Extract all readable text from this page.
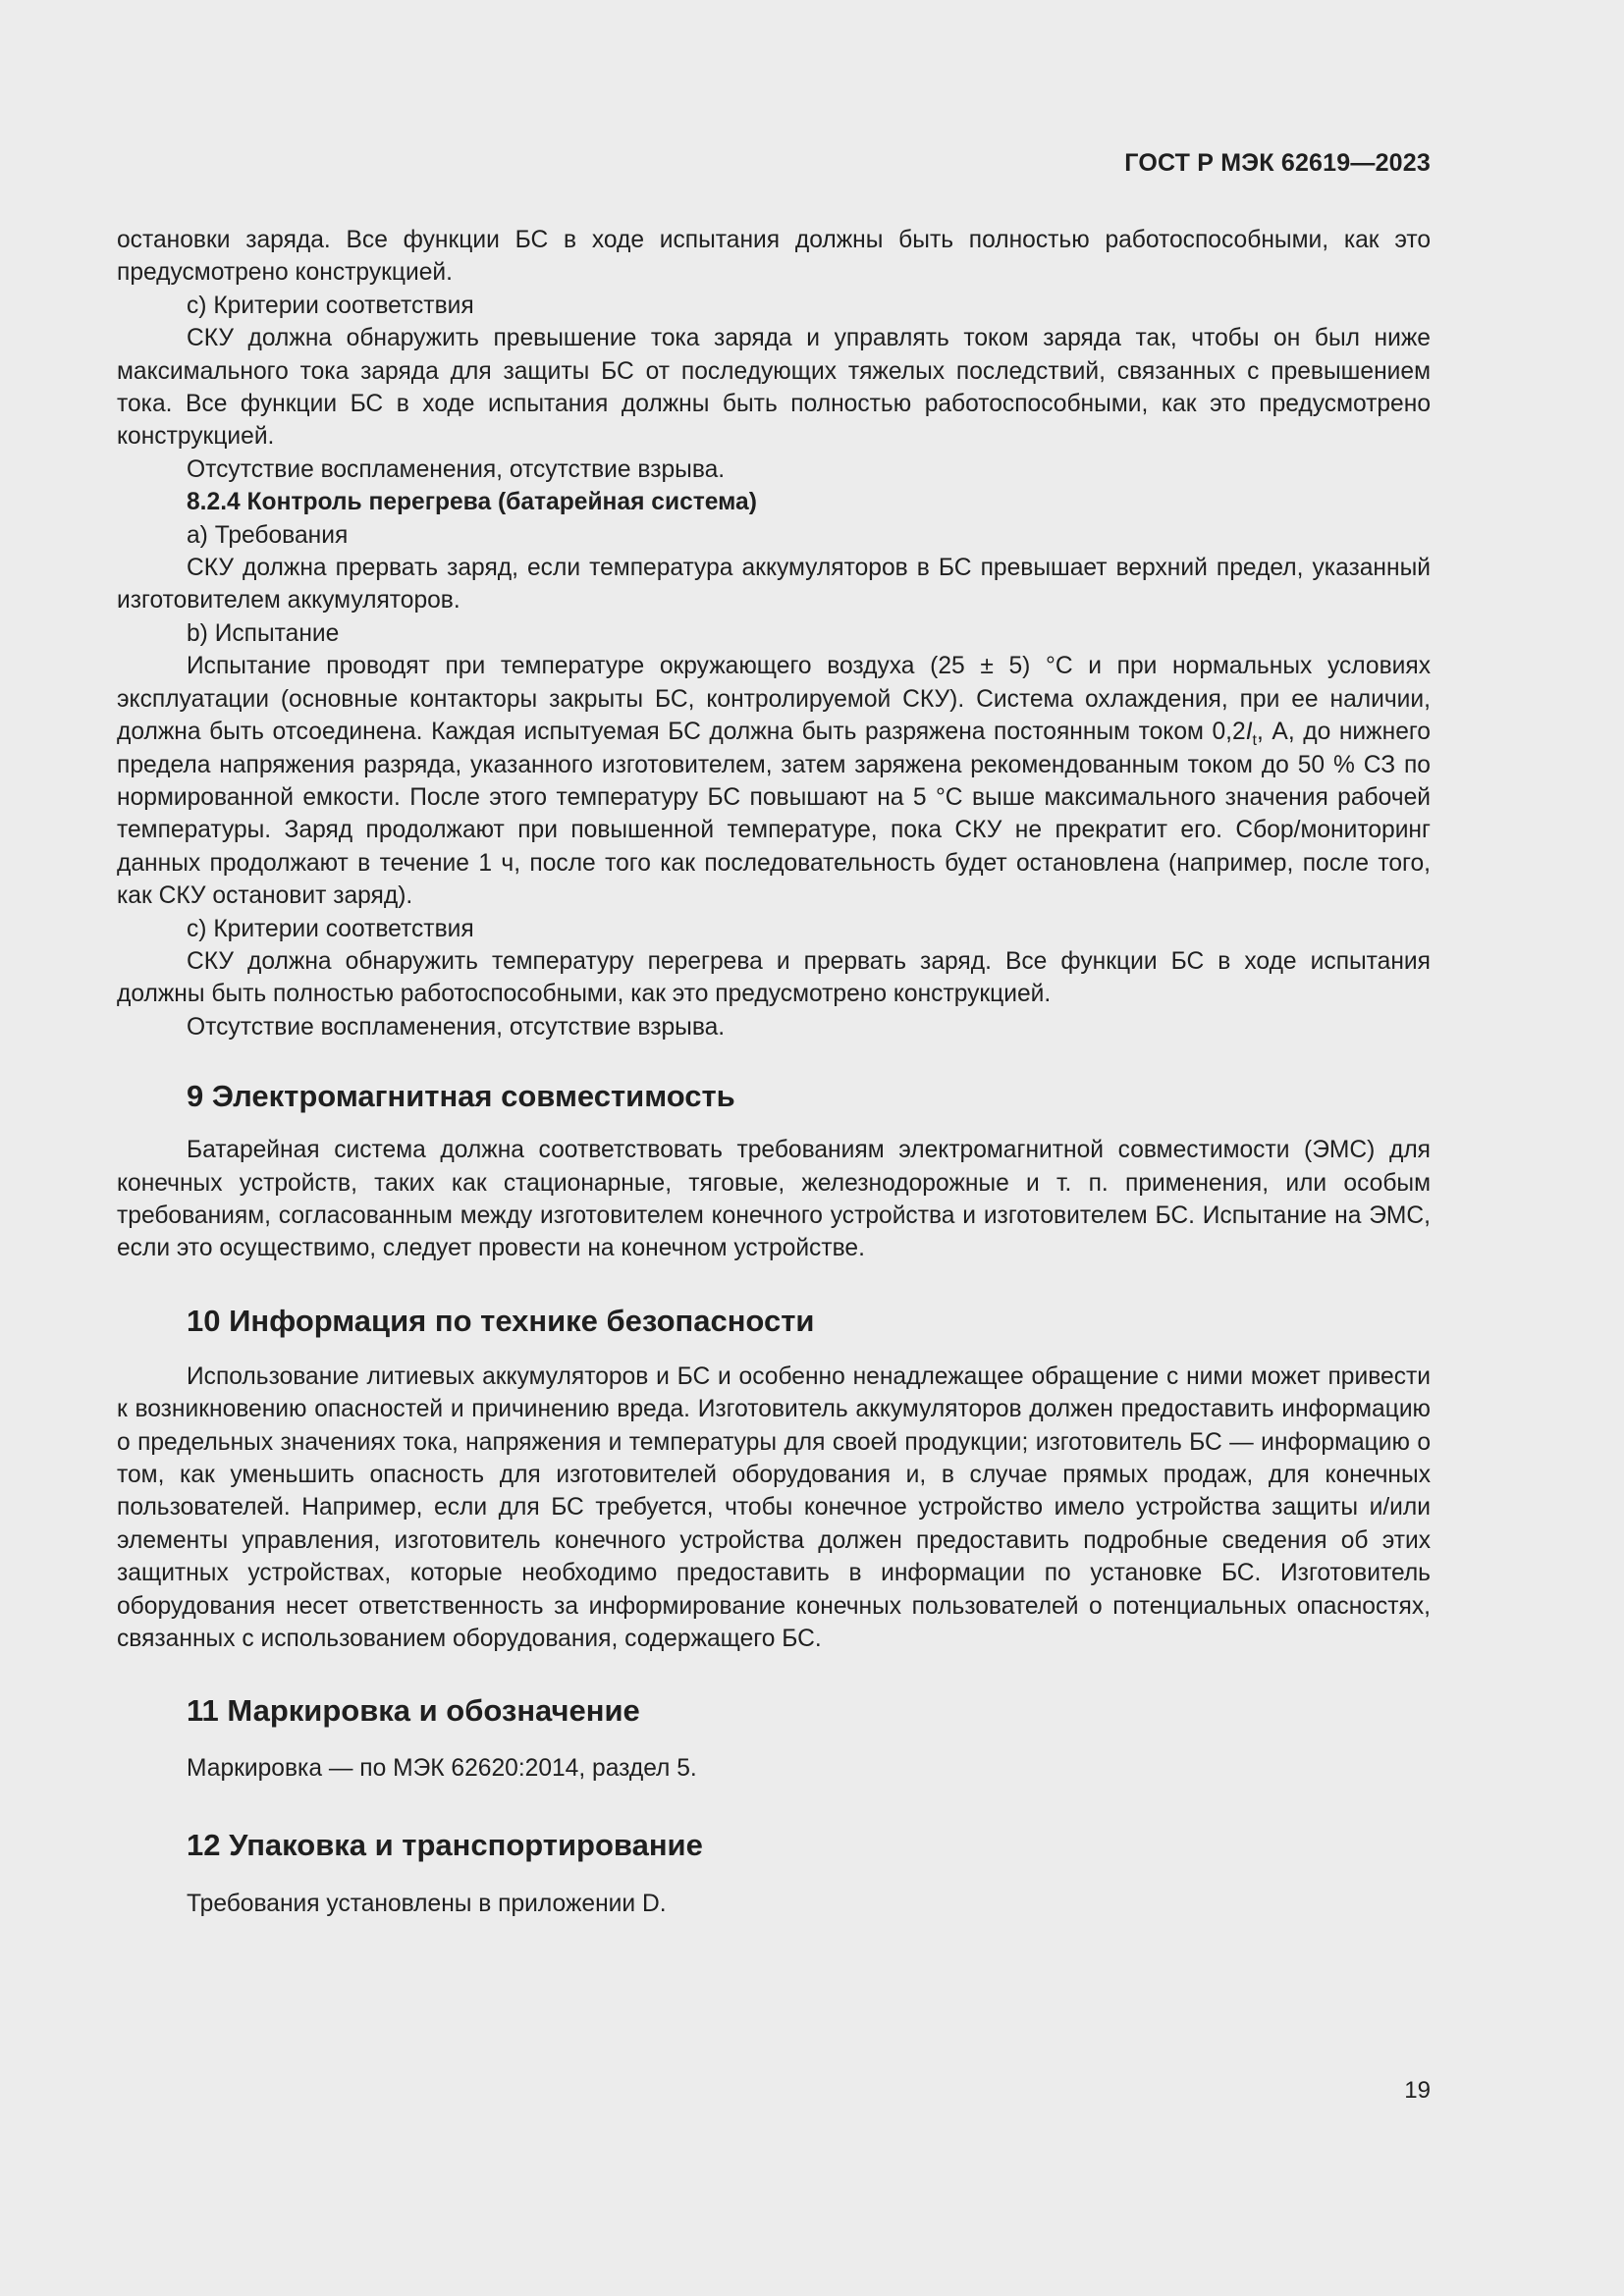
ГОСТ Р МЭК 62619—2023

остановки заряда. Все функции БС в ходе испытания должны быть полностью работоспособными, как это предусмотрено конструкцией.

c) Критерии соответствия

СКУ должна обнаружить превышение тока заряда и управлять током заряда так, чтобы он был ниже максимального тока заряда для защиты БС от последующих тяжелых последствий, связанных с превышением тока. Все функции БС в ходе испытания должны быть полностью работоспособными, как это предусмотрено конструкцией.

Отсутствие воспламенения, отсутствие взрыва.

8.2.4 Контроль перегрева (батарейная система)

a) Требования

СКУ должна прервать заряд, если температура аккумуляторов в БС превышает верхний предел, указанный изготовителем аккумуляторов.

b) Испытание

Испытание проводят при температуре окружающего воздуха (25 ± 5) °С и при нормальных условиях эксплуатации (основные контакторы закрыты БС, контролируемой СКУ). Система охлаждения, при ее наличии, должна быть отсоединена. Каждая испытуемая БС должна быть разряжена постоянным током $0,2I_t$, А, до нижнего предела напряжения разряда, указанного изготовителем, затем заряжена рекомендованным током до 50 % СЗ по нормированной емкости. После этого температуру БС повышают на 5 °С выше максимального значения рабочей температуры. Заряд продолжают при повышенной температуре, пока СКУ не прекратит его. Сбор/мониторинг данных продолжают в течение 1 ч, после того как последовательность будет остановлена (например, после того, как СКУ остановит заряд).

c) Критерии соответствия

СКУ должна обнаружить температуру перегрева и прервать заряд. Все функции БС в ходе испытания должны быть полностью работоспособными, как это предусмотрено конструкцией.

Отсутствие воспламенения, отсутствие взрыва.

9 Электромагнитная совместимость

Батарейная система должна соответствовать требованиям электромагнитной совместимости (ЭМС) для конечных устройств, таких как стационарные, тяговые, железнодорожные и т. п. применения, или особым требованиям, согласованным между изготовителем конечного устройства и изготовителем БС. Испытание на ЭМС, если это осуществимо, следует провести на конечном устройстве.

10 Информация по технике безопасности

Использование литиевых аккумуляторов и БС и особенно ненадлежащее обращение с ними может привести к возникновению опасностей и причинению вреда. Изготовитель аккумуляторов должен предоставить информацию о предельных значениях тока, напряжения и температуры для своей продукции; изготовитель БС — информацию о том, как уменьшить опасность для изготовителей оборудования и, в случае прямых продаж, для конечных пользователей. Например, если для БС требуется, чтобы конечное устройство имело устройства защиты и/или элементы управления, изготовитель конечного устройства должен предоставить подробные сведения об этих защитных устройствах, которые необходимо предоставить в информации по установке БС. Изготовитель оборудования несет ответственность за информирование конечных пользователей о потенциальных опасностях, связанных с использованием оборудования, содержащего БС.

11 Маркировка и обозначение

Маркировка — по МЭК 62620:2014, раздел 5.

12 Упаковка и транспортирование

Требования установлены в приложении D.

19
